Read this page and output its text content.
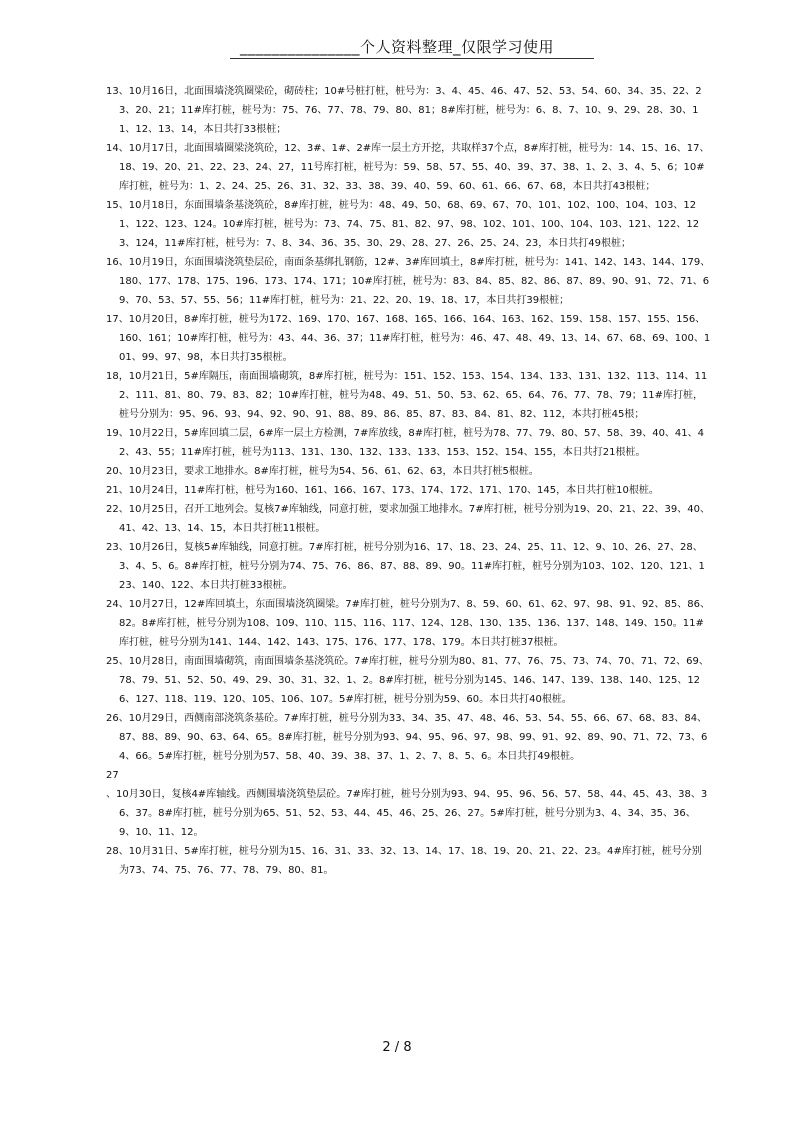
_______________个人资料整理_仅限学习使用

13、10月16日，北面围墙浇筑圈梁砼，砌砖柱；10#号桩打桩，桩号为：3、4、45、46、47、52、53、54、60、34、35、22、23、20、21；11#库打桩，桩号为：75、76、77、78、79、80、81；8#库打桩，桩号为：6、8、7、10、9、29、28、30、11、12、13、14，本日共打33根桩；

14、10月17日，北面围墙圈梁浇筑砼，12、3#、1#、2#库一层土方开挖，共取样37个点，8#库打桩，桩号为：14、15、16、17、18、19、20、21、22、23、24、27，11号库打桩，桩号为：59、58、57、55、40、39、37、38、1、2、3、4、5、6；10#库打桩，桩号为：1、2、24、25、26、31、32、33、38、39、40、59、60、61、66、67、68，本日共打43根桩；

15、10月18日，东面围墙条基浇筑砼，8#库打桩，桩号为：48、49、50、68、69、67、70、101、102、100、104、103、121、122、123、124。10#库打桩，桩号为：73、74、75、81、82、97、98、102、101、100、104、103、121、122、123、124，11#库打桩，桩号为：7、8、34、36、35、30、29、28、27、26、25、24、23，本日共打49根桩；

16、10月19日，东面围墙浇筑垫层砼，南面条基绑扎钢筋，12#、3#库回填土，8#库打桩，桩号为：141、142、143、144、179、180、177、178、175、196、173、174、171；10#库打桩，桩号为：83、84、85、82、86、87、89、90、91、72、71、69、70、53、57、55、56；11#库打桩，桩号为：21、22、20、19、18、17，本日共打39根桩；

17、10月20日，8#库打桩，桩号为172、169、170、167、168、165、166、164、163、162、159、158、157、155、156、160、161；10#库打桩，桩号为：43、44、36、37；11#库打桩，桩号为：46、47、48、49、13、14、67、68、69、100、101、99、97、98，本日共打35根桩。

18，10月21日，5#库隔压，南面围墙砌筑，8#库打桩，桩号为：151、152、153、154、134、133、131、132、113、114、112、111、81、80、79、83、82；10#库打桩，桩号为48、49、51、50、53、62、65、64、76、77、78、79；11#库打桩，桩号分别为：95、96、93、94、92、90、91、88、89、86、85、87、83、84、81、82、112，本共打桩45根；

19、10月22日，5#库回填二层，6#库一层土方检测，7#库放线，8#库打桩，桩号为78、77、79、80、57、58、39、40、41、42、43、55；11#库打桩，桩号为113、131、130、132、133、133、153、152、154、155，本日共打21根桩。

20、10月23日，要求工地排水。8#库打桩，桩号为54、56、61、62、63，本日共打桩5根桩。

21、10月24日，11#库打桩，桩号为160、161、166、167、173、174、172、171、170、145，本日共打桩10根桩。

22、10月25日，召开工地列会。复核7#库轴线，同意打桩，要求加强工地排水。7#库打桩，桩号分别为19、20、21、22、39、40、41、42、13、14、15，本日共打桩11根桩。

23、10月26日，复核5#库轴线，同意打桩。7#库打桩，桩号分别为16、17、18、23、24、25、11、12、9、10、26、27、28、3、4、5、6。8#库打桩，桩号分别为74、75、76、86、87、88、89、90。11#库打桩，桩号分别为103、102、120、121、123、140、122、本日共打桩33根桩。

24、10月27日，12#库回填土，东面围墙浇筑圈梁。7#库打桩，桩号分别为7、8、59、60、61、62、97、98、91、92、85、86、82。8#库打桩，桩号分别为108、109、110、115、116、117、124、128、130、135、136、137、148、149、150。11#库打桩，桩号分别为141、144、142、143、175、176、177、178、179。本日共打桩37根桩。

25、10月28日，南面围墙砌筑，南面围墙条基浇筑砼。7#库打桩，桩号分别为80、81、77、76、75、73、74、70、71、72、69、78、79、51、52、50、49、29、30、31、32、1、2。8#库打桩，桩号分别为145、146、147、139、138、140、125、126、127、118、119、120、105、106、107。5#库打桩，桩号分别为59、60。本日共打40根桩。

26、10月29日，西侧南部浇筑条基砼。7#库打桩，桩号分别为33、34、35、47、48、46、53、54、55、66、67、68、83、84、87、88、89、90、63、64、65。8#库打桩，桩号分别为93、94、95、96、97、98、99、91、92、89、90、71、72、73、64、66。5#库打桩，桩号分别为57、58、40、39、38、37、1、2、7、8、5、6。本日共打49根桩。

27

、10月30日，复核4#库轴线。西侧围墙浇筑垫层砼。7#库打桩，桩号分别为93、94、95、96、56、57、58、44、45、43、38、36、37。8#库打桩，桩号分别为65、51、52、53、44、45、46、25、26、27。5#库打桩，桩号分别为3、4、34、35、36、9、10、11、12。

28、10月31日、5#库打桩，桩号分别为15、16、31、33、32、13、14、17、18、19、20、21、22、23。4#库打桩，桩号分别为73、74、75、76、77、78、79、80、81。

2 / 8
